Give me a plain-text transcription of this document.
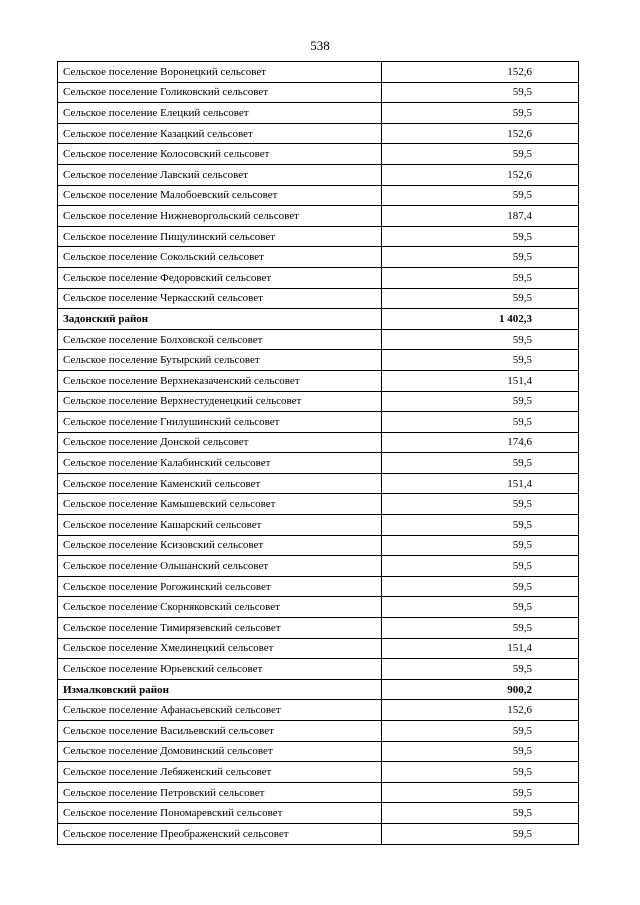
538
Сельское поселение Воронецкий сельсовет	152,6
Сельское поселение Голиковский сельсовет	59,5
Сельское поселение Елецкий сельсовет	59,5
Сельское поселение Казацкий сельсовет	152,6
Сельское поселение Колосовский сельсовет	59,5
Сельское поселение Лавский сельсовет	152,6
Сельское поселение Малобоевский сельсовет	59,5
Сельское поселение Нижневоргольский сельсовет	187,4
Сельское поселение Пищулинский сельсовет	59,5
Сельское поселение Сокольский сельсовет	59,5
Сельское поселение Федоровский сельсовет	59,5
Сельское поселение Черкасский сельсовет	59,5
Задонский район	1 402,3
Сельское поселение Болховской сельсовет	59,5
Сельское поселение Бутырский сельсовет	59,5
Сельское поселение Верхнеказаченский сельсовет	151,4
Сельское поселение Верхнестуденецкий сельсовет	59,5
Сельское поселение Гнилушинский сельсовет	59,5
Сельское поселение Донской сельсовет	174,6
Сельское поселение Калабинский сельсовет	59,5
Сельское поселение Каменский сельсовет	151,4
Сельское поселение Камышевский сельсовет	59,5
Сельское поселение Кашарский сельсовет	59,5
Сельское поселение Ксизовский сельсовет	59,5
Сельское поселение Ольшанский сельсовет	59,5
Сельское поселение Рогожинский сельсовет	59,5
Сельское поселение Скорняковский сельсовет	59,5
Сельское поселение Тимирязевский сельсовет	59,5
Сельское поселение Хмелинецкий сельсовет	151,4
Сельское поселение Юрьевский сельсовет	59,5
Измалковский район	900,2
Сельское поселение Афанасьевский сельсовет	152,6
Сельское поселение Васильевский сельсовет	59,5
Сельское поселение Домовинский сельсовет	59,5
Сельское поселение Лебяженский сельсовет	59,5
Сельское поселение Петровский сельсовет	59,5
Сельское поселение Пономаревский сельсовет	59,5
Сельское поселение Преображенский сельсовет	59,5
